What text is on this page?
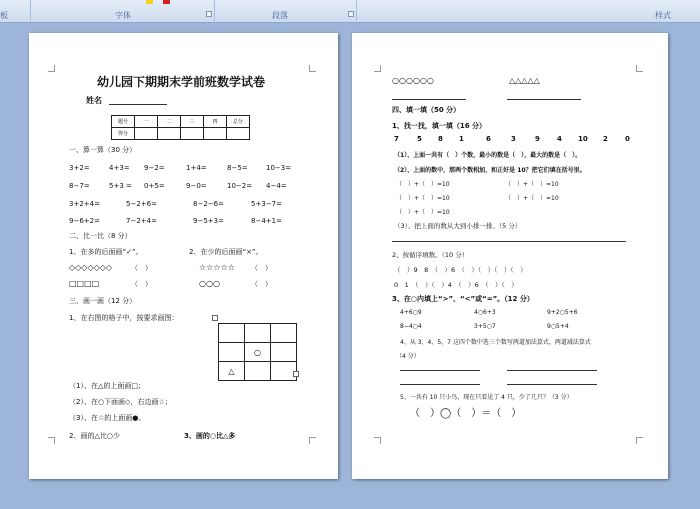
板	字体	段落	样式
幼儿园下期期末学前班数学试卷
姓名
题号	一	二	三	四	总分
得分					
一、算一算（30 分）
3+2=	4+3= 9−2=	1+4=	8−5=	10−3=
8−7=	5+3 = 0+5=	9−0=	10−2= 4−4=
3+2+4=	5−2+6=	8−2−6=	5+3−7=
9−6+2=	7−2+4=	9−5+3=	8−4+1=
二、比一比（8 分）
1、在多的后面画“✓”。	2、在少的后面画“×”。
◇◇◇◇◇◇◇	（　）	☆☆☆☆☆ （　）
□□□□	（　）	○○○	（　）
三、画一画（12 分）
1、在右图的格子中，按要求画图：

	○	
△		
（1）、在△的上面画□；
（2）、在○下面画◇，右边画☆；
（3）、在☆的上面画●。
2、画的△比○少	3、画的○比△多
○○○○○○	△△△△△
四、填一填（50 分）
1、找一找，填一填（16 分）
7	5 8 1	6	3	9 4 10 2 0
（1）、上面一共有（　）个数，最小的数是（　），最大的数是（　）。
（2）、上面的数中，那两个数相加，和正好是 10？把它们填在括号里。
（　）+（　）=10	（　）+（　）=10
（　）+（　）=10	（　）+（　）=10
（　）+（　）=10
（3）、把上面的数从大到小排一排。（5 分）
2、按循序填数。（10 分）
（　）9　8　（　）6　（　）（　）（　）（　）
0　1　（　）（　）4　（　）6　（　）（　）
3、在○内填上“>”、“<”或“=”。（12 分）
4+6○9	4○6+3	9+2○5+6
8−4○4	3+5○7	9○5+4
4、从 3、4、5、7 这四个数中选三个数写两道加法算式、两道减法算式
（4 分）
5、一共有 10 只小鸟，现在只看见了 4 只，少了几只？（3 分）
（　）◯（　）＝（　）
